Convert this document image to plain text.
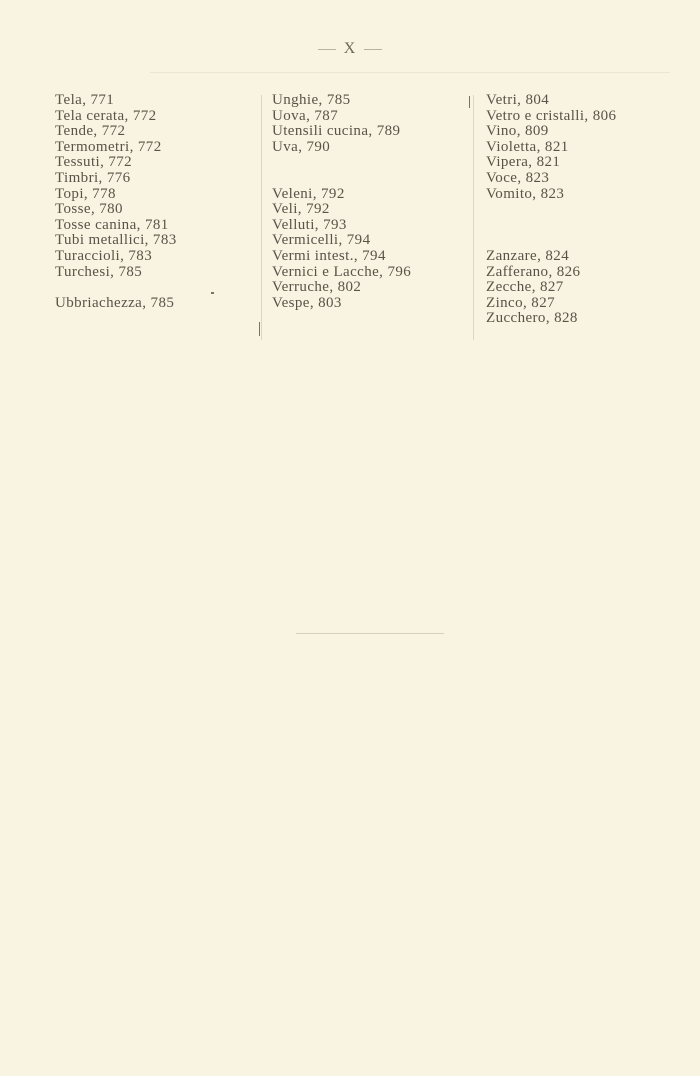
X
Tela, 771
Tela cerata, 772
Tende, 772
Termometri, 772
Tessuti, 772
Timbri, 776
Topi, 778
Tosse, 780
Tosse canina, 781
Tubi metallici, 783
Turaccioli, 783
Turchesi, 785
Ubbriachezza, 785
Unghie, 785
Uova, 787
Utensili cucina, 789
Uva, 790
Veleni, 792
Veli, 792
Velluti, 793
Vermicelli, 794
Vermi intest., 794
Vernici e Lacche, 796
Verruche, 802
Vespe, 803
Vetri, 804
Vetro e cristalli, 806
Vino, 809
Violetta, 821
Vipera, 821
Voce, 823
Vomito, 823
Zanzare, 824
Zafferano, 826
Zecche, 827
Zinco, 827
Zucchero, 828
